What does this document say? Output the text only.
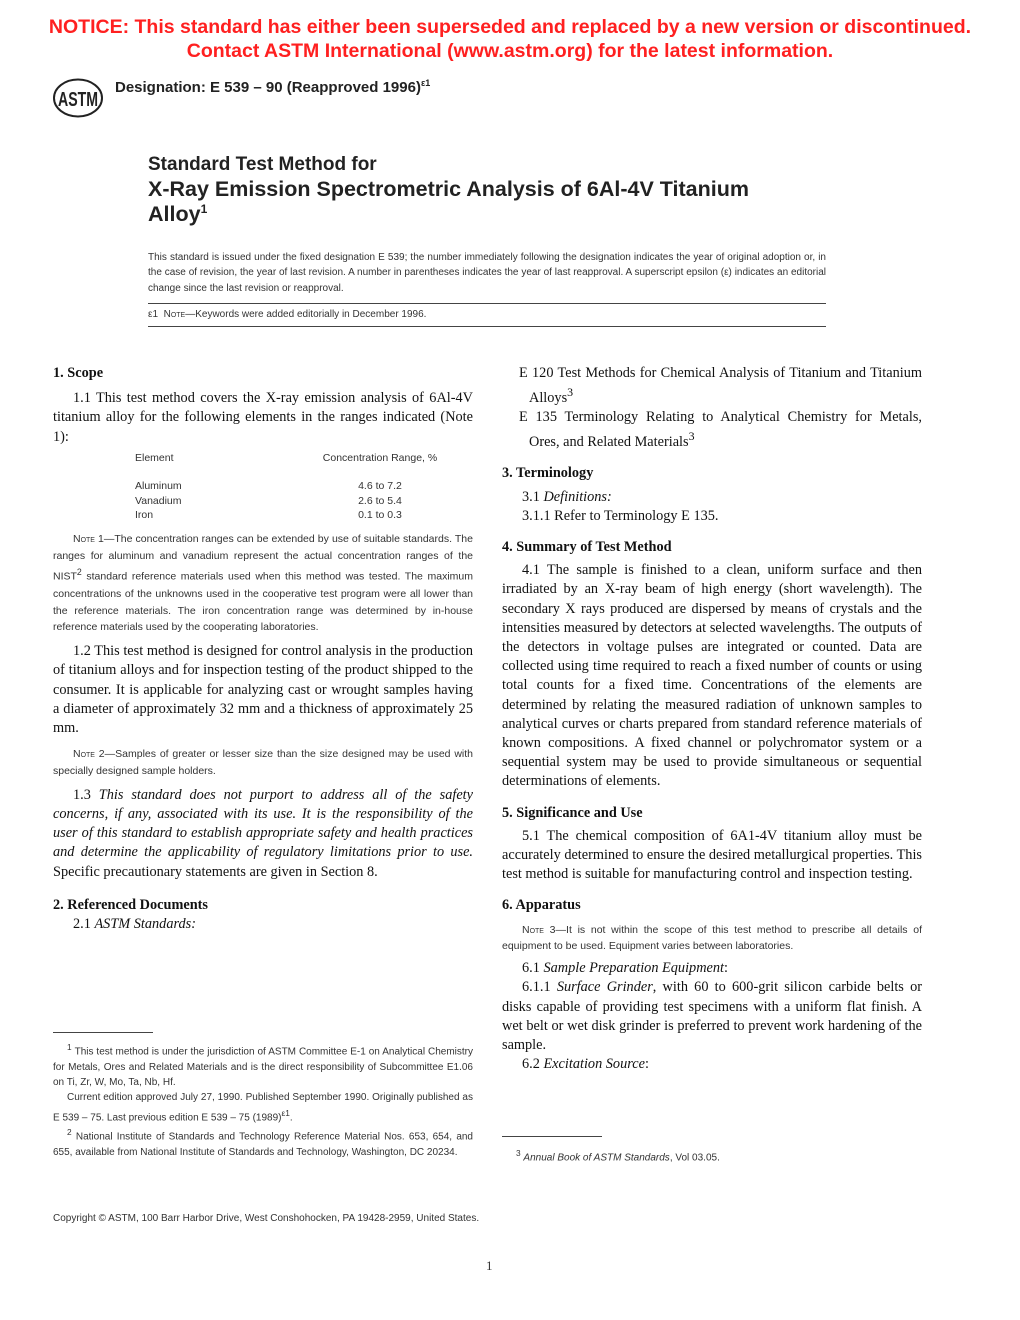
NOTICE: This standard has either been superseded and replaced by a new version or discontinued.
Contact ASTM International (www.astm.org) for the latest information.
ASTM
Designation: E 539 – 90 (Reapproved 1996)$^{\varepsilon 1}$
Standard Test Method for
X-Ray Emission Spectrometric Analysis of 6Al-4V Titanium
Alloy$^1$
This standard is issued under the fixed designation E 539; the number immediately following the designation indicates the year of original adoption or, in the case of revision, the year of last revision. A number in parentheses indicates the year of last reapproval. A superscript epsilon (ε) indicates an editorial change since the last revision or reapproval.
ε1 Note—Keywords were added editorially in December 1996.

1. Scope

1.1 This test method covers the X-ray emission analysis of 6Al-4V titanium alloy for the following elements in the ranges indicated (Note 1):

Element	Concentration Range, %
Aluminum	4.6 to 7.2
Vanadium	2.6 to 5.4
Iron	0.1 to 0.3

Note 1—The concentration ranges can be extended by use of suitable standards. The ranges for aluminum and vanadium represent the actual concentration ranges of the NIST$^2$ standard reference materials used when this method was tested. The maximum concentrations of the unknowns used in the cooperative test program were all lower than the reference materials. The iron concentration range was determined by in-house reference materials used by the cooperating laboratories.

1.2 This test method is designed for control analysis in the production of titanium alloys and for inspection testing of the product shipped to the consumer. It is applicable for analyzing cast or wrought samples having a diameter of approximately 32 mm and a thickness of approximately 25 mm.

Note 2—Samples of greater or lesser size than the size designed may be used with specially designed sample holders.

1.3 This standard does not purport to address all of the safety concerns, if any, associated with its use. It is the responsibility of the user of this standard to establish appropriate safety and health practices and determine the applicability of regulatory limitations prior to use. Specific precautionary statements are given in Section 8.

2. Referenced Documents

2.1 ASTM Standards:

$^1$ This test method is under the jurisdiction of ASTM Committee E-1 on Analytical Chemistry for Metals, Ores and Related Materials and is the direct responsibility of Subcommittee E1.06 on Ti, Zr, W, Mo, Ta, Nb, Hf.

Current edition approved July 27, 1990. Published September 1990. Originally published as E 539 – 75. Last previous edition E 539 – 75 $(1989)^{\varepsilon 1}$.

$^2$ National Institute of Standards and Technology Reference Material Nos. 653, 654, and 655, available from National Institute of Standards and Technology, Washington, DC 20234.

E 120 Test Methods for Chemical Analysis of Titanium and Titanium Alloys$^3$

E 135 Terminology Relating to Analytical Chemistry for Metals, Ores, and Related Materials$^3$

3. Terminology

3.1 Definitions:

3.1.1 Refer to Terminology E 135.

4. Summary of Test Method

4.1 The sample is finished to a clean, uniform surface and then irradiated by an X-ray beam of high energy (short wavelength). The secondary X rays produced are dispersed by means of crystals and the intensities measured by detectors at selected wavelengths. The outputs of the detectors in voltage pulses are integrated or counted. Data are collected using time required to reach a fixed number of counts or using total counts for a fixed time. Concentrations of the elements are determined by relating the measured radiation of unknown samples to analytical curves or charts prepared from standard reference materials of known compositions. A fixed channel or polychromator system or a sequential system may be used to provide simultaneous or sequential determinations of elements.

5. Significance and Use

5.1 The chemical composition of 6A1-4V titanium alloy must be accurately determined to ensure the desired metallurgical properties. This test method is suitable for manufacturing control and inspection testing.

6. Apparatus

Note 3—It is not within the scope of this test method to prescribe all details of equipment to be used. Equipment varies between laboratories.

6.1 Sample Preparation Equipment:

6.1.1 Surface Grinder, with 60 to 600-grit silicon carbide belts or disks capable of providing test specimens with a uniform flat finish. A wet belt or wet disk grinder is preferred to prevent work hardening of the sample.

6.2 Excitation Source:

$^3$ Annual Book of ASTM Standards, Vol 03.05.

Copyright © ASTM, 100 Barr Harbor Drive, West Conshohocken, PA 19428-2959, United States.
1
